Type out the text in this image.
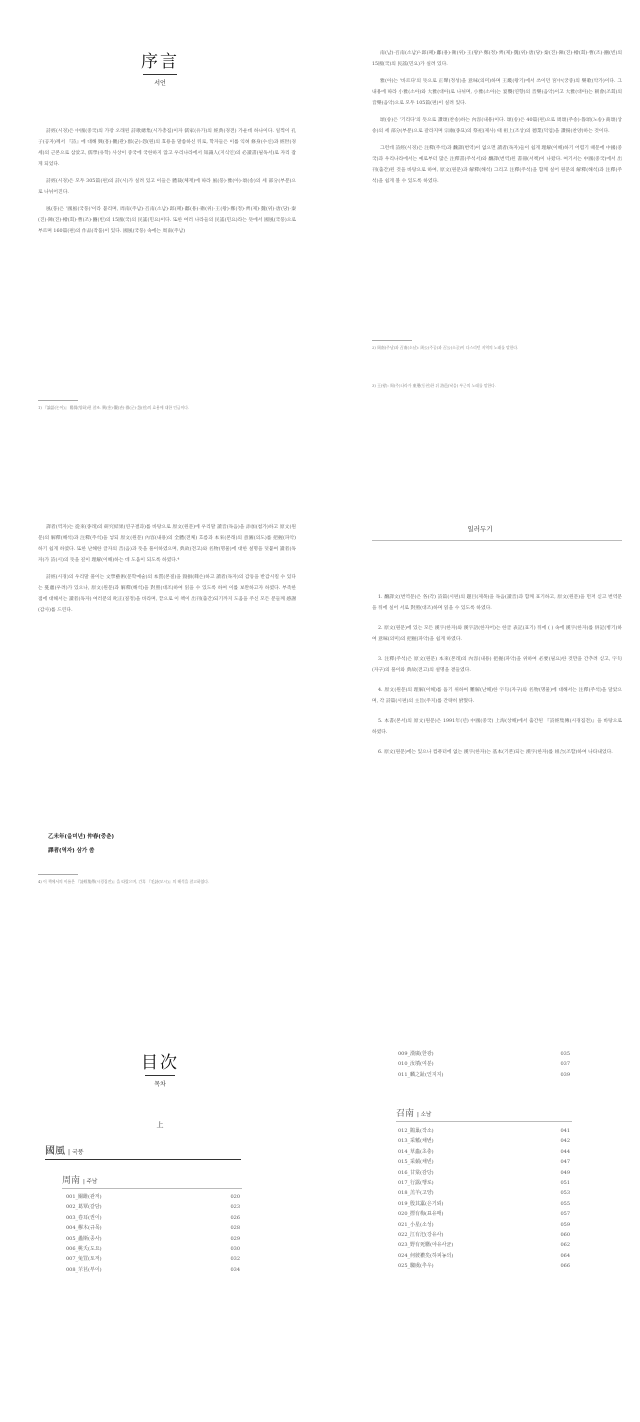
序言
서언

詩經(시경)은 中國(중국)의 가장 오래된 詩歌總集(시가총집)이자 儒家(유가)의 經典(경전) 가운데 하나이다. 일찍이 孔子(공자)께서 『詩』에 대해 興(흥)·觀(관)·群(군)·怨(원)의 효용을 말씀하신 뒤로, 학자들은 이를 익혀 修身(수신)과 經世(경세)의 근본으로 삼았고, 儒學(유학) 사상이 중국에 국한하지 않고 우리나라에서 知識人(지식인)의 必讀書(필독서)로 자리 잡게 되었다.

詩經(시경)은 모두 305篇(편)의 詩(시)가 실려 있고 이들은 體裁(체재)에 따라 風(풍)·雅(아)·頌(송)의 세 部分(부분)으로 나뉘어진다.

風(풍)은 '國風(국풍)'이라 불리며, 周南(주남)·召南(소남)·邶(패)·鄘(용)·衛(위)·王(왕)·鄭(정)·齊(제)·魏(위)·唐(당)·秦(진)·陳(진)·檜(회)·曹(조)·豳(빈)의 15國(국)의 民謠(민요)이다. 또한 여러 나라들의 民謠(민요)라는 뜻에서 國風(국풍)으로 부르며 160篇(편)의 作品(작품)이 있다. 國風(국풍) 속에는 周南(주남)

1) 『論語(논어)』 陽貨(양화)편 참조. 興(흥)·觀(관)·群(군)·怨(원)의 효용에 대한 언급이다.

南(남)·召南(소남)²·邶(패)·鄘(용)·衛(위)·王(왕)³·鄭(정)·齊(제)·魏(위)·唐(당)·秦(진)·陳(진)·檜(회)·曹(조)·豳(빈)의 15國(국)의 民謠(민요)가 실려 있다.

雅(아)는 '바르다'의 뜻으로 正聲(정성)을 意味(의미)하며 王畿(왕기)에서 쓰이던 宮中(궁중)의 樂歌(악가)이다. 그 내용에 따라 小雅(소아)와 大雅(대아)로 나뉘며, 小雅(소아)는 宴饗(연향)의 音樂(음악)이고 大雅(대아)는 朝會(조회)의 音樂(음악)으로 모두 105篇(편)이 실려 있다.

頌(송)은 '기리다'의 뜻으로 讚頌(찬송)하는 內容(내용)이다. 頌(송)은 40篇(편)으로 周頌(주송)·魯頌(노송)·商頌(상송)의 세 部分(부분)으로 갈라지며 宗廟(종묘)의 祭祀(제사) 때 祖上(조상)의 德業(덕업)을 讚揚(찬양)하는 것이다.

그런데 詩經(시경)은 注釋(주석)과 飜譯(번역)이 없으면 讀者(독자)들이 쉽게 理解(이해)하기 어렵기 때문에 中國(중국)과 우리나라에서는 예로부터 많은 注釋書(주석서)와 飜譯(번역)된 書冊(서책)이 나왔다. 여기서는 中國(중국)에서 出刊(출간)된 것을 바탕으로 하여, 原文(원문)과 解釋(해석) 그리고 注釋(주석)을 함께 실어 원문의 解釋(해석)과 注釋(주석)을 쉽게 볼 수 있도록 하였다.

2) 周南(주남)과 召南(소남): 周公(주공)과 召公(소공)이 다스리던 지역의 노래를 말한다.
3) 王(왕): 周(주)나라가 東遷(동천)한 뒤 洛邑(낙읍) 부근의 노래를 말한다.

譯者(역자)는 從來(종래)의 研究結果(연구결과)를 바탕으로 原文(원문)에 우리말 讀音(독음)을 添加(첨가)하고 原文(원문)의 解釋(해석)과 注釋(주석)을 넣되 原文(원문) 內容(내용)의 全體(전체) 흐름과 本來(본래)의 意圖(의도)를 把握(파악)하기 쉽게 하였다. 또한 난해한 글자의 音(음)과 뜻을 풀이하였으며, 典故(전고)와 名物(명물)에 대한 설명을 덧붙여 讀者(독자)가 詩(시)의 뜻을 깊이 理解(이해)하는 데 도움이 되도록 하였다.⁴

詩經(시경)의 우리말 풀이는 文學藝術(문학예술)의 本質(본질)을 毁損(훼손)하고 讀者(독자)의 감동을 반감시킬 수 있다는 憂慮(우려)가 있으나, 原文(원문)과 解釋(해석)을 對照(대조)하여 읽을 수 있도록 하여 이를 보완하고자 하였다. 부족한 점에 대해서는 讀者(독자) 여러분의 叱正(질정)을 바라며, 끝으로 이 책이 出刊(출간)되기까지 도움을 주신 모든 분들께 感謝(감사)를 드린다.

乙未年(을미년) 仲春(중춘)
譯者(역자) 삼가 씀
4) 이 책에서의 이름은 『詩經集傳(시경집전)』을 따랐으며, 간혹 『毛詩(모시)』의 해석을 참고하였다.
일러두기

1. 飜譯文(번역문)은 各(각) 詩篇(시편)의 題目(제목)을 독음(讀音)과 함께 표기하고, 原文(원문)을 먼저 싣고 번역문을 뒤에 실어 서로 對照(대조)하며 읽을 수 있도록 하였다.

2. 原文(원문)에 있는 모든 漢字(한자)와 漢字語(한자어)는 한글 表記(표기) 뒤에 ( ) 속에 漢字(한자)를 併記(병기)하여 意味(의미)의 把握(파악)을 쉽게 하였다.

3. 注釋(주석)은 原文(원문) 本來(본래)의 內容(내용) 把握(파악)을 위하여 必要(필요)한 것만을 간추려 싣고, 字句(자구)의 풀이와 典故(전고)의 설명을 곁들였다.

4. 原文(원문)의 理解(이해)를 돕기 위하여 難解(난해)한 字句(자구)와 名物(명물)에 대해서는 注釋(주석)을 달았으며, 각 詩篇(시편)의 主旨(주지)를 간략히 밝혔다.

5. 本書(본서)의 原文(원문)은 1991年(년) 中國(중국) 上海(상해)에서 출간된 『詩經集傳(시경집전)』을 바탕으로 하였다.

6. 原文(원문)에는 있으나 컴퓨터에 없는 漢字(한자)는 基本(기본)되는 漢字(한자)를 組合(조합)하여 나타내었다.

目次
목차
上
國風 | 국풍
周南 | 주남
001_關雎(관저)	020
002_葛覃(갈담)	023
003_卷耳(권이)	026
004_樛木(규목)	028
005_螽斯(종사)	029
006_桃夭(도요)	030
007_兔罝(토저)	032
008_芣苢(부이)	034
009_漢廣(한광)	035
010_汝墳(여분)	037
011_麟之趾(인지지)	039
召南 | 소남
012_鵲巢(작소)	041
013_采蘩(채번)	042
014_草蟲(초충)	044
015_采蘋(채빈)	047
016_甘棠(감당)	049
017_行露(행로)	051
018_羔羊(고양)	053
019_殷其靁(은기뢰)	055
020_摽有梅(표유매)	057
021_小星(소성)	059
022_江有汜(강유사)	060
023_野有死麕(야유사균)	062
024_何彼襛矣(하피농의)	064
025_騶虞(추우)	066
